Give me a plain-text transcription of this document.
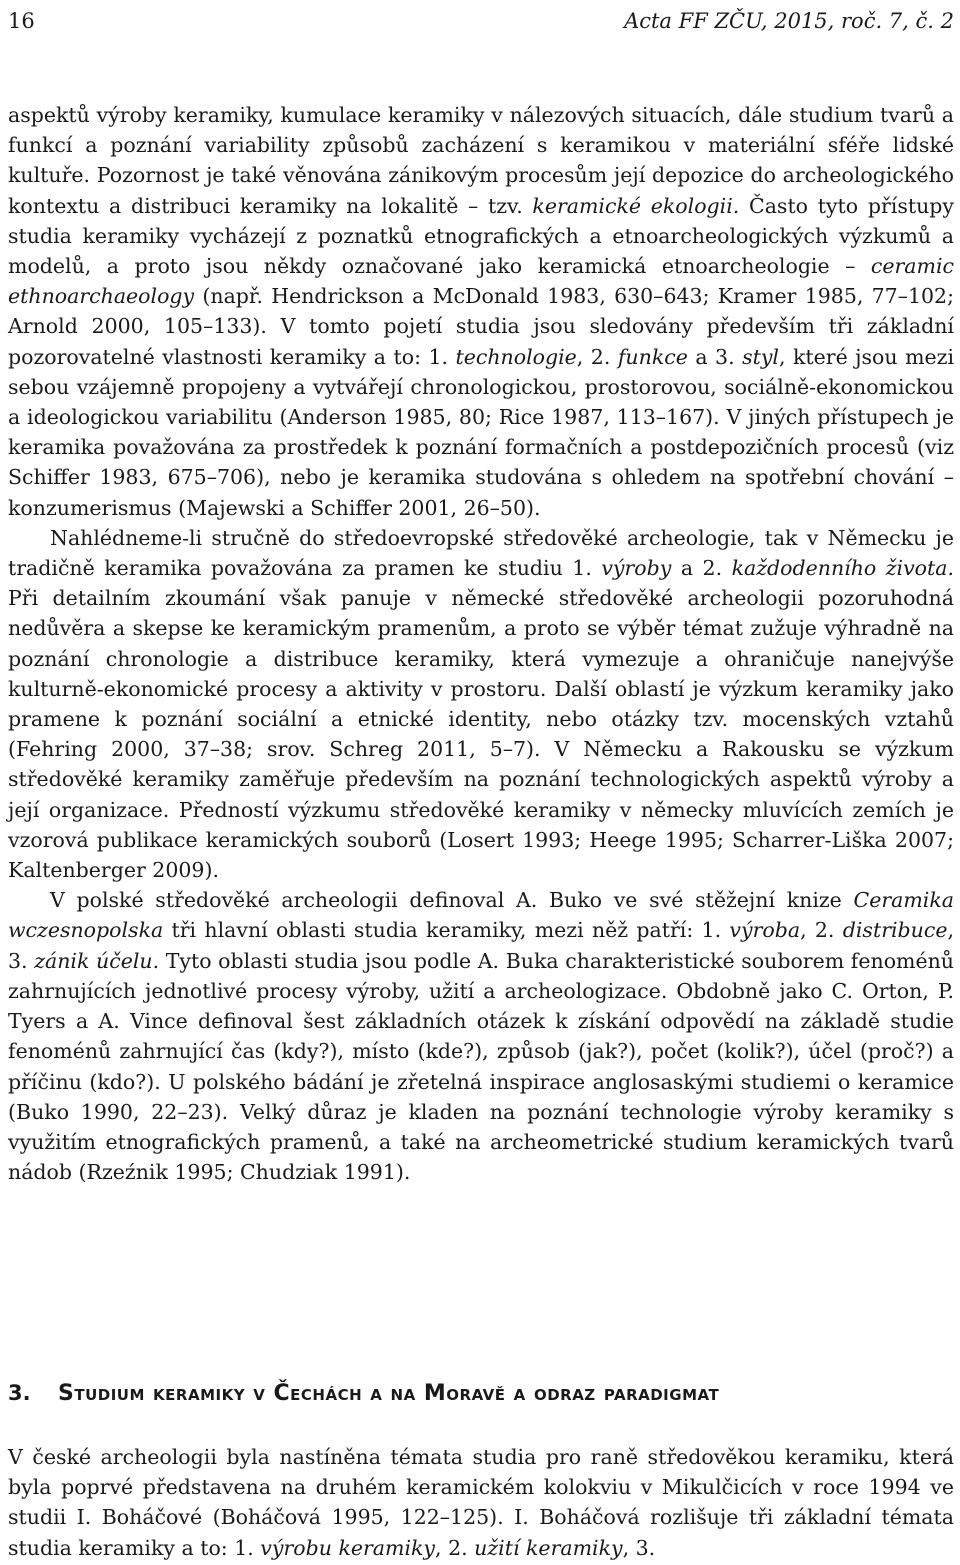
16	Acta FF ZČU, 2015, roč. 7, č. 2

aspektů výroby keramiky, kumulace keramiky v nálezových situacích, dále studium tvarů a funkcí a poznání variability způsobů zacházení s keramikou v materiální sféře lidské kultuře. Pozornost je také věnována zánikovým procesům její depozice do archeologického kontextu a distribuci keramiky na lokalitě – tzv. keramické ekologii. Často tyto přístupy studia keramiky vycházejí z poznatků etnografických a etnoarcheologických výzkumů a modelů, a proto jsou někdy označované jako keramická etnoarcheologie – ceramic ethnoarchaeology (např. Hendrickson a McDonald 1983, 630–643; Kramer 1985, 77–102; Arnold 2000, 105–133). V tomto pojetí studia jsou sledovány především tři základní pozorovatelné vlastnosti keramiky a to: 1. technologie, 2. funkce a 3. styl, které jsou mezi sebou vzájemně propojeny a vytvářejí chronologickou, prostorovou, sociálně-ekonomickou a ideologickou variabilitu (Anderson 1985, 80; Rice 1987, 113–167). V jiných přístupech je keramika považována za prostředek k poznání formačních a postdepozičních procesů (viz Schiffer 1983, 675–706), nebo je keramika studována s ohledem na spotřební chování – konzumerismus (Majewski a Schiffer 2001, 26–50).

Nahlédneme-li stručně do středoevropské středověké archeologie, tak v Německu je tradičně keramika považována za pramen ke studiu 1. výroby a 2. každodenního života. Při detailním zkoumání však panuje v německé středověké archeologii pozoruhodná nedůvěra a skepse ke keramickým pramenům, a proto se výběr témat zužuje výhradně na poznání chronologie a distribuce keramiky, která vymezuje a ohraničuje nanejvýše kulturně-ekonomické procesy a aktivity v prostoru. Další oblastí je výzkum keramiky jako pramene k poznání sociální a etnické identity, nebo otázky tzv. mocenských vztahů (Fehring 2000, 37–38; srov. Schreg 2011, 5–7). V Německu a Rakousku se výzkum středověké keramiky zaměřuje především na poznání technologických aspektů výroby a její organizace. Předností výzkumu středověké keramiky v německy mluvících zemích je vzorová publikace keramických souborů (Losert 1993; Heege 1995; Scharrer-Liška 2007; Kaltenberger 2009).

V polské středověké archeologii definoval A. Buko ve své stěžejní knize Ceramika wczesnopolska tři hlavní oblasti studia keramiky, mezi něž patří: 1. výroba, 2. distribuce, 3. zánik účelu. Tyto oblasti studia jsou podle A. Buka charakteristické souborem fenoménů zahrnujících jednotlivé procesy výroby, užití a archeologizace. Obdobně jako C. Orton, P. Tyers a A. Vince definoval šest základních otázek k získání odpovědí na základě studie fenoménů zahrnující čas (kdy?), místo (kde?), způsob (jak?), počet (kolik?), účel (proč?) a příčinu (kdo?). U polského bádání je zřetelná inspirace anglosaskými studiemi o keramice (Buko 1990, 22–23). Velký důraz je kladen na poznání technologie výroby keramiky s využitím etnografických pramenů, a také na archeometrické studium keramických tvarů nádob (Rzeźnik 1995; Chudziak 1991).

3. Studium keramiky v Čechách a na Moravě a odraz paradigmat

V české archeologii byla nastíněna témata studia pro raně středověkou keramiku, která byla poprvé představena na druhém keramickém kolokviu v Mikulčicích v roce 1994 ve studii I. Boháčové (Boháčová 1995, 122–125). I. Boháčová rozlišuje tři základní témata studia keramiky a to: 1. výrobu keramiky, 2. užití keramiky, 3.
